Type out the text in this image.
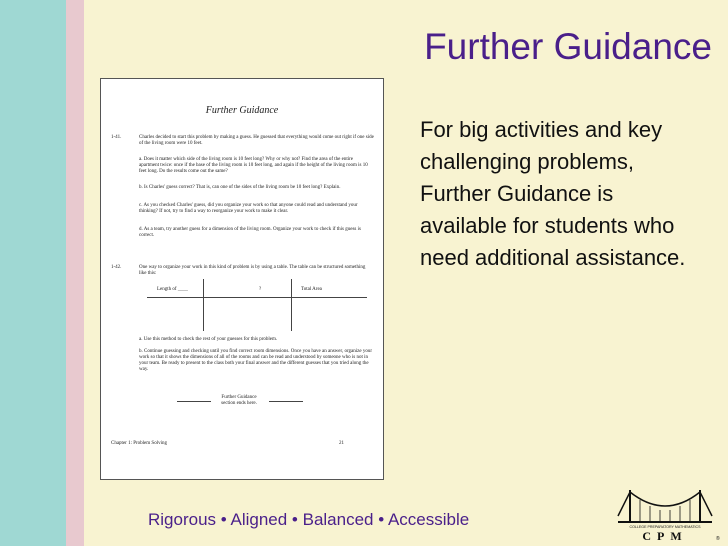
Further Guidance
For big activities and key challenging problems, Further Guidance is available for students who need additional assistance.
Further Guidance
1-41.	Charles decided to start this problem by making a guess. He guessed that everything would come out right if one side of the living room were 10 feet.
a. Does it matter which side of the living room is 10 feet long? Why or why not? Find the area of the entire apartment twice: once if the base of the living room is 10 feet long, and again if the height of the living room is 10 feet long. Do the results come out the same?
b. Is Charles' guess correct? That is, can one of the sides of the living room be 10 feet long? Explain.
c. As you checked Charles' guess, did you organize your work so that anyone could read and understand your thinking? If not, try to find a way to reorganize your work to make it clear.
d. As a team, try another guess for a dimension of the living room. Organize your work to check if this guess is correct.
1-42.	One way to organize your work in this kind of problem is by using a table. The table can be structured something like this:
Length of ____	?	Total Area
a. Use this method to check the rest of your guesses for this problem.
b. Continue guessing and checking until you find correct room dimensions. Once you have an answer, organize your work so that it shows the dimensions of all of the rooms and can be read and understood by someone who is not in your team. Be ready to present to the class both your final answer and the different guesses that you tried along the way.
Further Guidance section ends here.
Chapter 1: Problem Solving	21
Rigorous • Aligned • Balanced • Accessible	COLLEGE PREPARATORY MATHEMATICS
CPM	®
